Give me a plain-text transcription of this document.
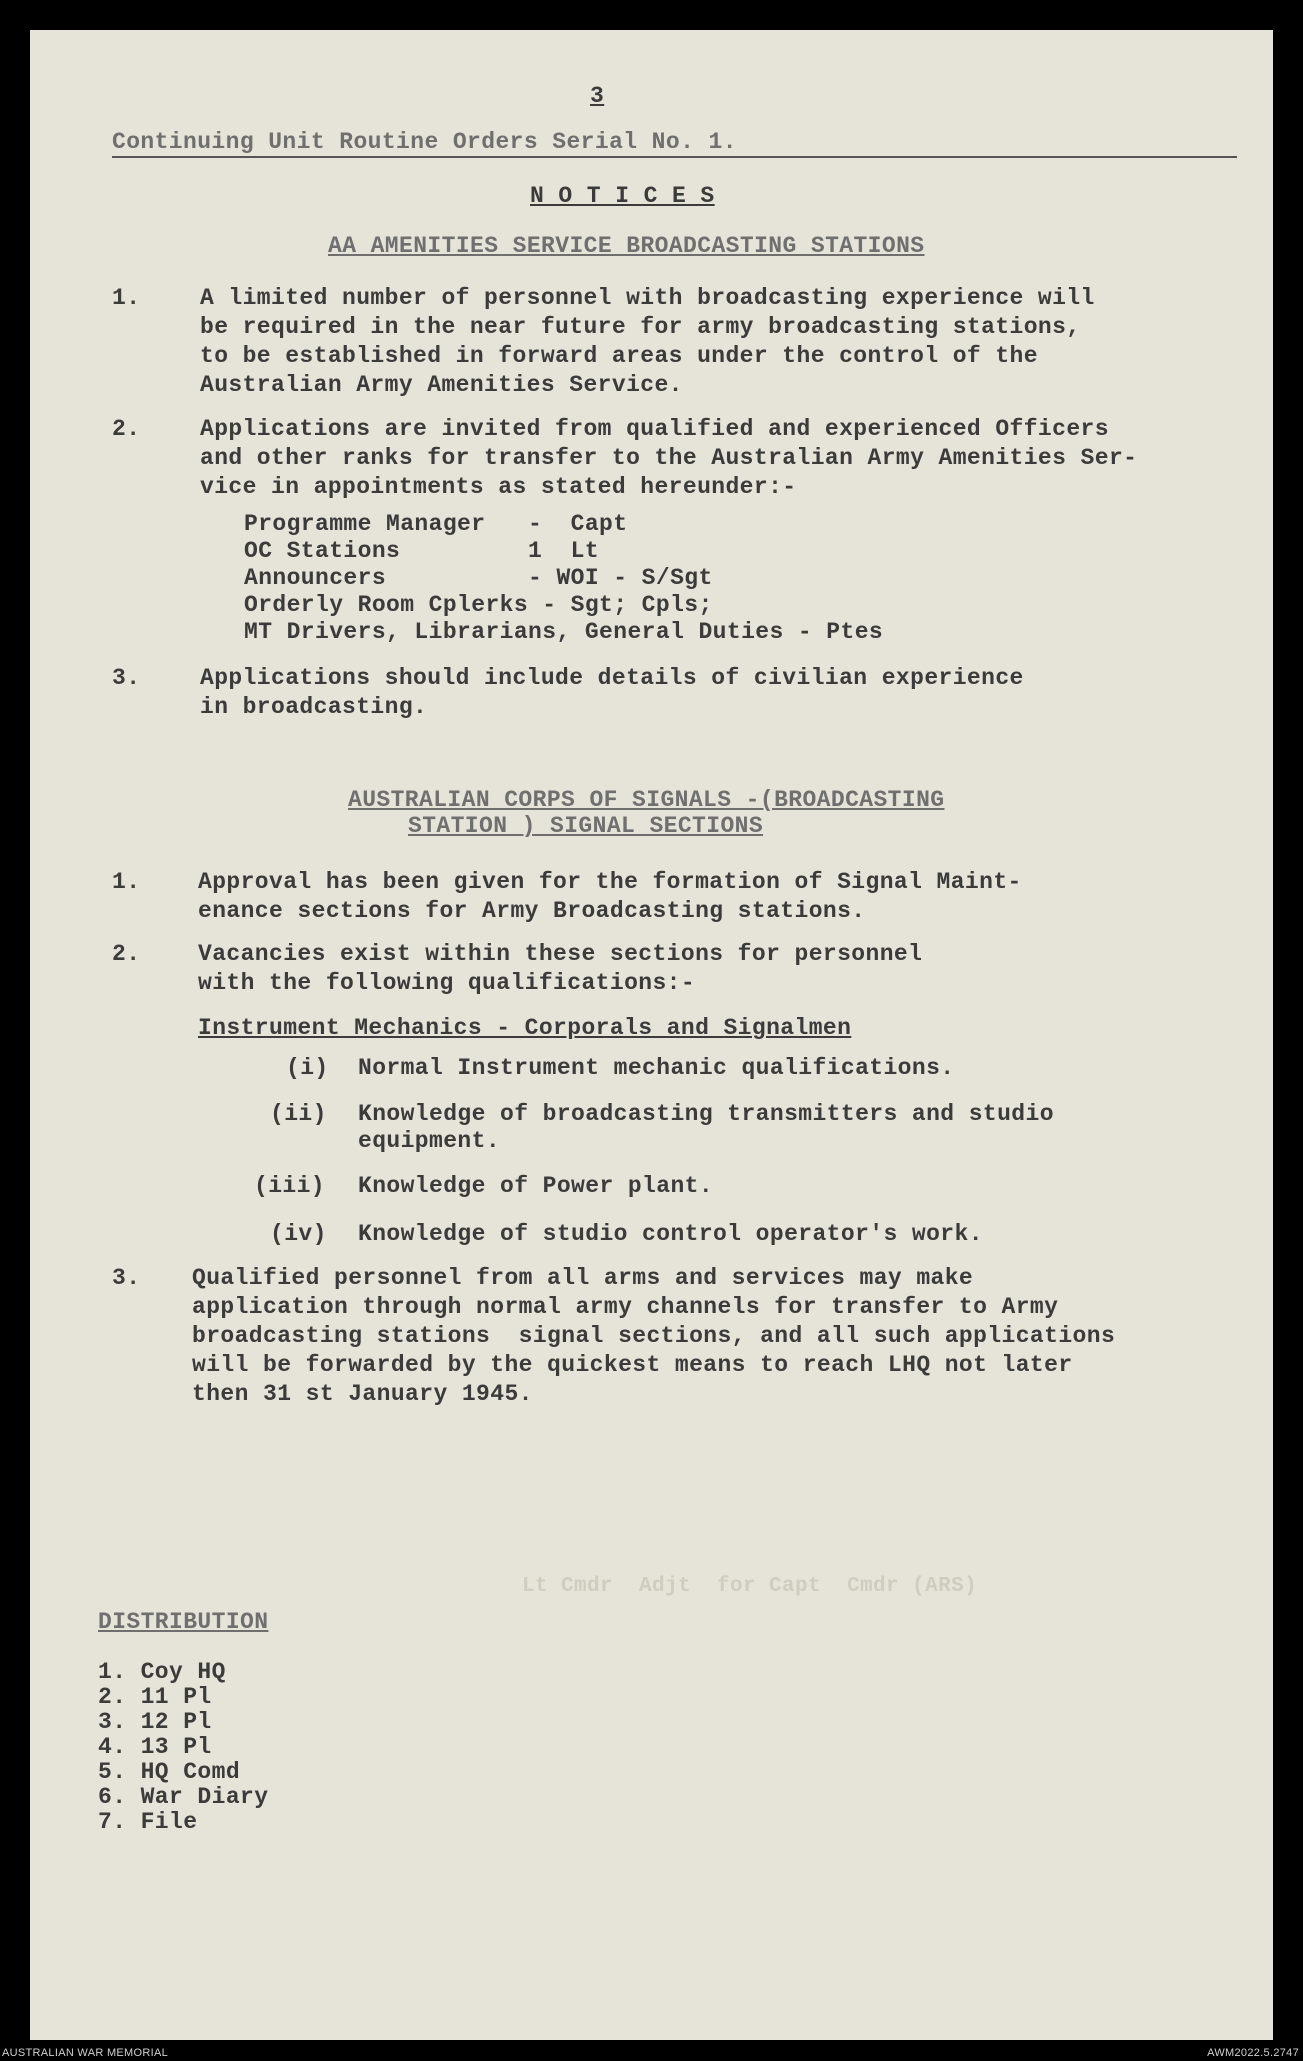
3
Continuing Unit Routine Orders Serial No. 1.
N O T I C E S
AA AMENITIES SERVICE BROADCASTING STATIONS
1.	A limited number of personnel with broadcasting experience will
be required in the near future for army broadcasting stations,
to be established in forward areas under the control of the
Australian Army Amenities Service.
2.	Applications are invited from qualified and experienced Officers
and other ranks for transfer to the Australian Army Amenities Ser-
vice in appointments as stated hereunder:-
Programme Manager   -  Capt
OC Stations         1  Lt
Announcers          - WOI - S/Sgt
Orderly Room Cplerks - Sgt; Cpls;
MT Drivers, Librarians, General Duties - Ptes
3.	Applications should include details of civilian experience
in broadcasting.
AUSTRALIAN CORPS OF SIGNALS -(BROADCASTING
STATION ) SIGNAL SECTIONS
1.	Approval has been given for the formation of Signal Maint-
enance sections for Army Broadcasting stations.
2.	Vacancies exist within these sections for personnel
with the following qualifications:-
Instrument Mechanics - Corporals and Signalmen
(i) Normal Instrument mechanic qualifications.
(ii) Knowledge of broadcasting transmitters and studio
equipment.
(iii) Knowledge of Power plant.
(iv) Knowledge of studio control operator's work.
3. Qualified personnel from all arms and services may make
application through normal army channels for transfer to Army
broadcasting stations  signal sections, and all such applications
will be forwarded by the quickest means to reach LHQ not later
then 31 st January 1945.
Lt Cmdr  Adjt  for Capt  Cmdr (ARS)
DISTRIBUTION
1. Coy HQ
2. 11 Pl
3. 12 Pl
4. 13 Pl
5. HQ Comd
6. War Diary
7. File
AUSTRALIAN WAR MEMORIAL	AWM2022.5.2747
